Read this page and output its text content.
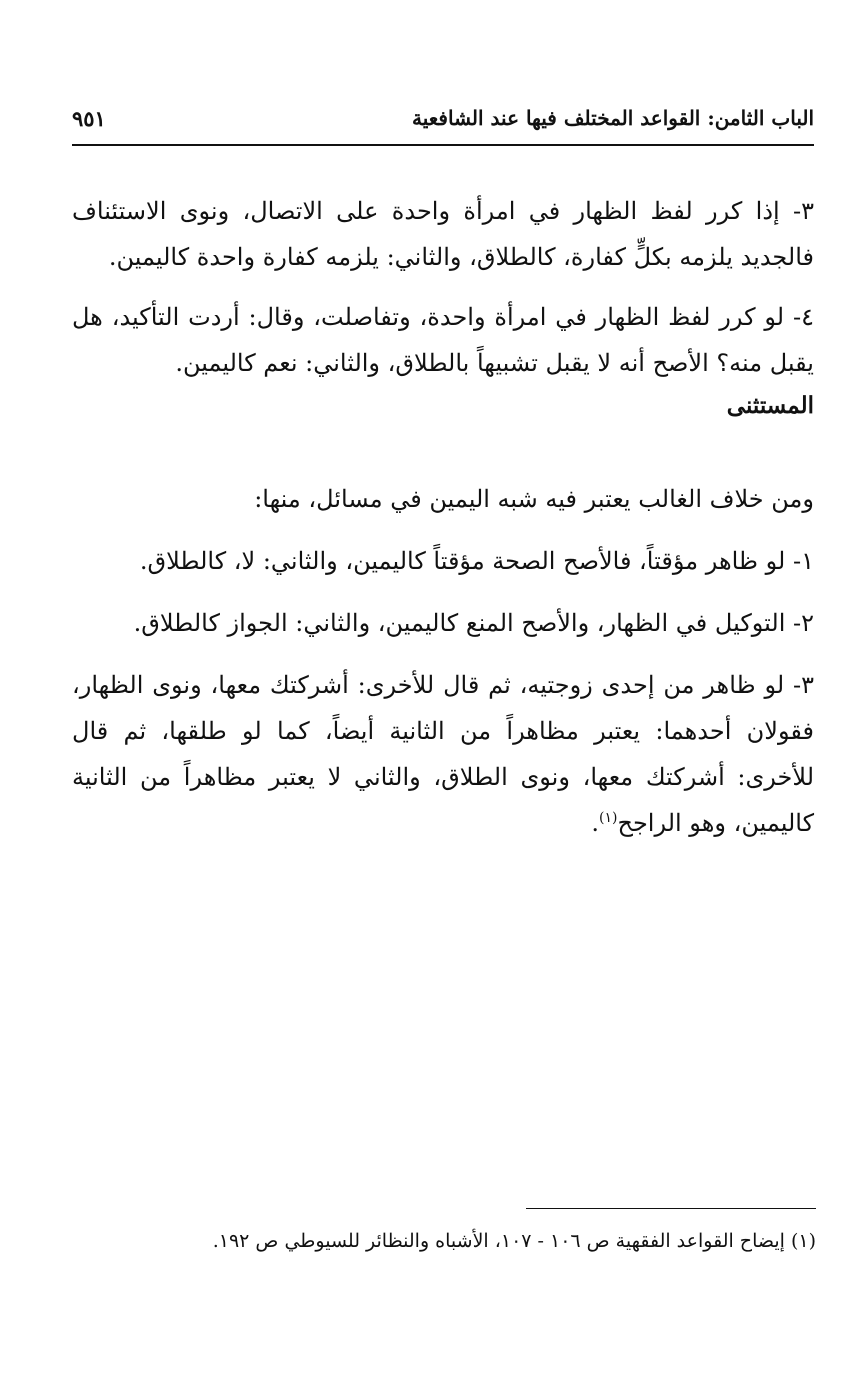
الباب الثامن: القواعد المختلف فيها عند الشافعية
٩٥١

٣- إذا كرر لفظ الظهار في امرأة واحدة على الاتصال، ونوى الاستئناف فالجديد يلزمه بكلٍّ كفارة، كالطلاق، والثاني: يلزمه كفارة واحدة كاليمين.

٤- لو كرر لفظ الظهار في امرأة واحدة، وتفاصلت، وقال: أردت التأكيد، هل يقبل منه؟ الأصح أنه لا يقبل تشبيهاً بالطلاق، والثاني: نعم كاليمين.

المستثنى

ومن خلاف الغالب يعتبر فيه شبه اليمين في مسائل، منها:

١- لو ظاهر مؤقتاً، فالأصح الصحة مؤقتاً كاليمين، والثاني: لا، كالطلاق.

٢- التوكيل في الظهار، والأصح المنع كاليمين، والثاني: الجواز كالطلاق.

٣- لو ظاهر من إحدى زوجتيه، ثم قال للأخرى: أشركتك معها، ونوى الظهار، فقولان أحدهما: يعتبر مظاهراً من الثانية أيضاً، كما لو طلقها، ثم قال للأخرى: أشركتك معها، ونوى الطلاق، والثاني لا يعتبر مظاهراً من الثانية كاليمين، وهو الراجح$^{(١)}$.

(١) إيضاح القواعد الفقهية ص ١٠٦ - ١٠٧، الأشباه والنظائر للسيوطي ص ١٩٢.
